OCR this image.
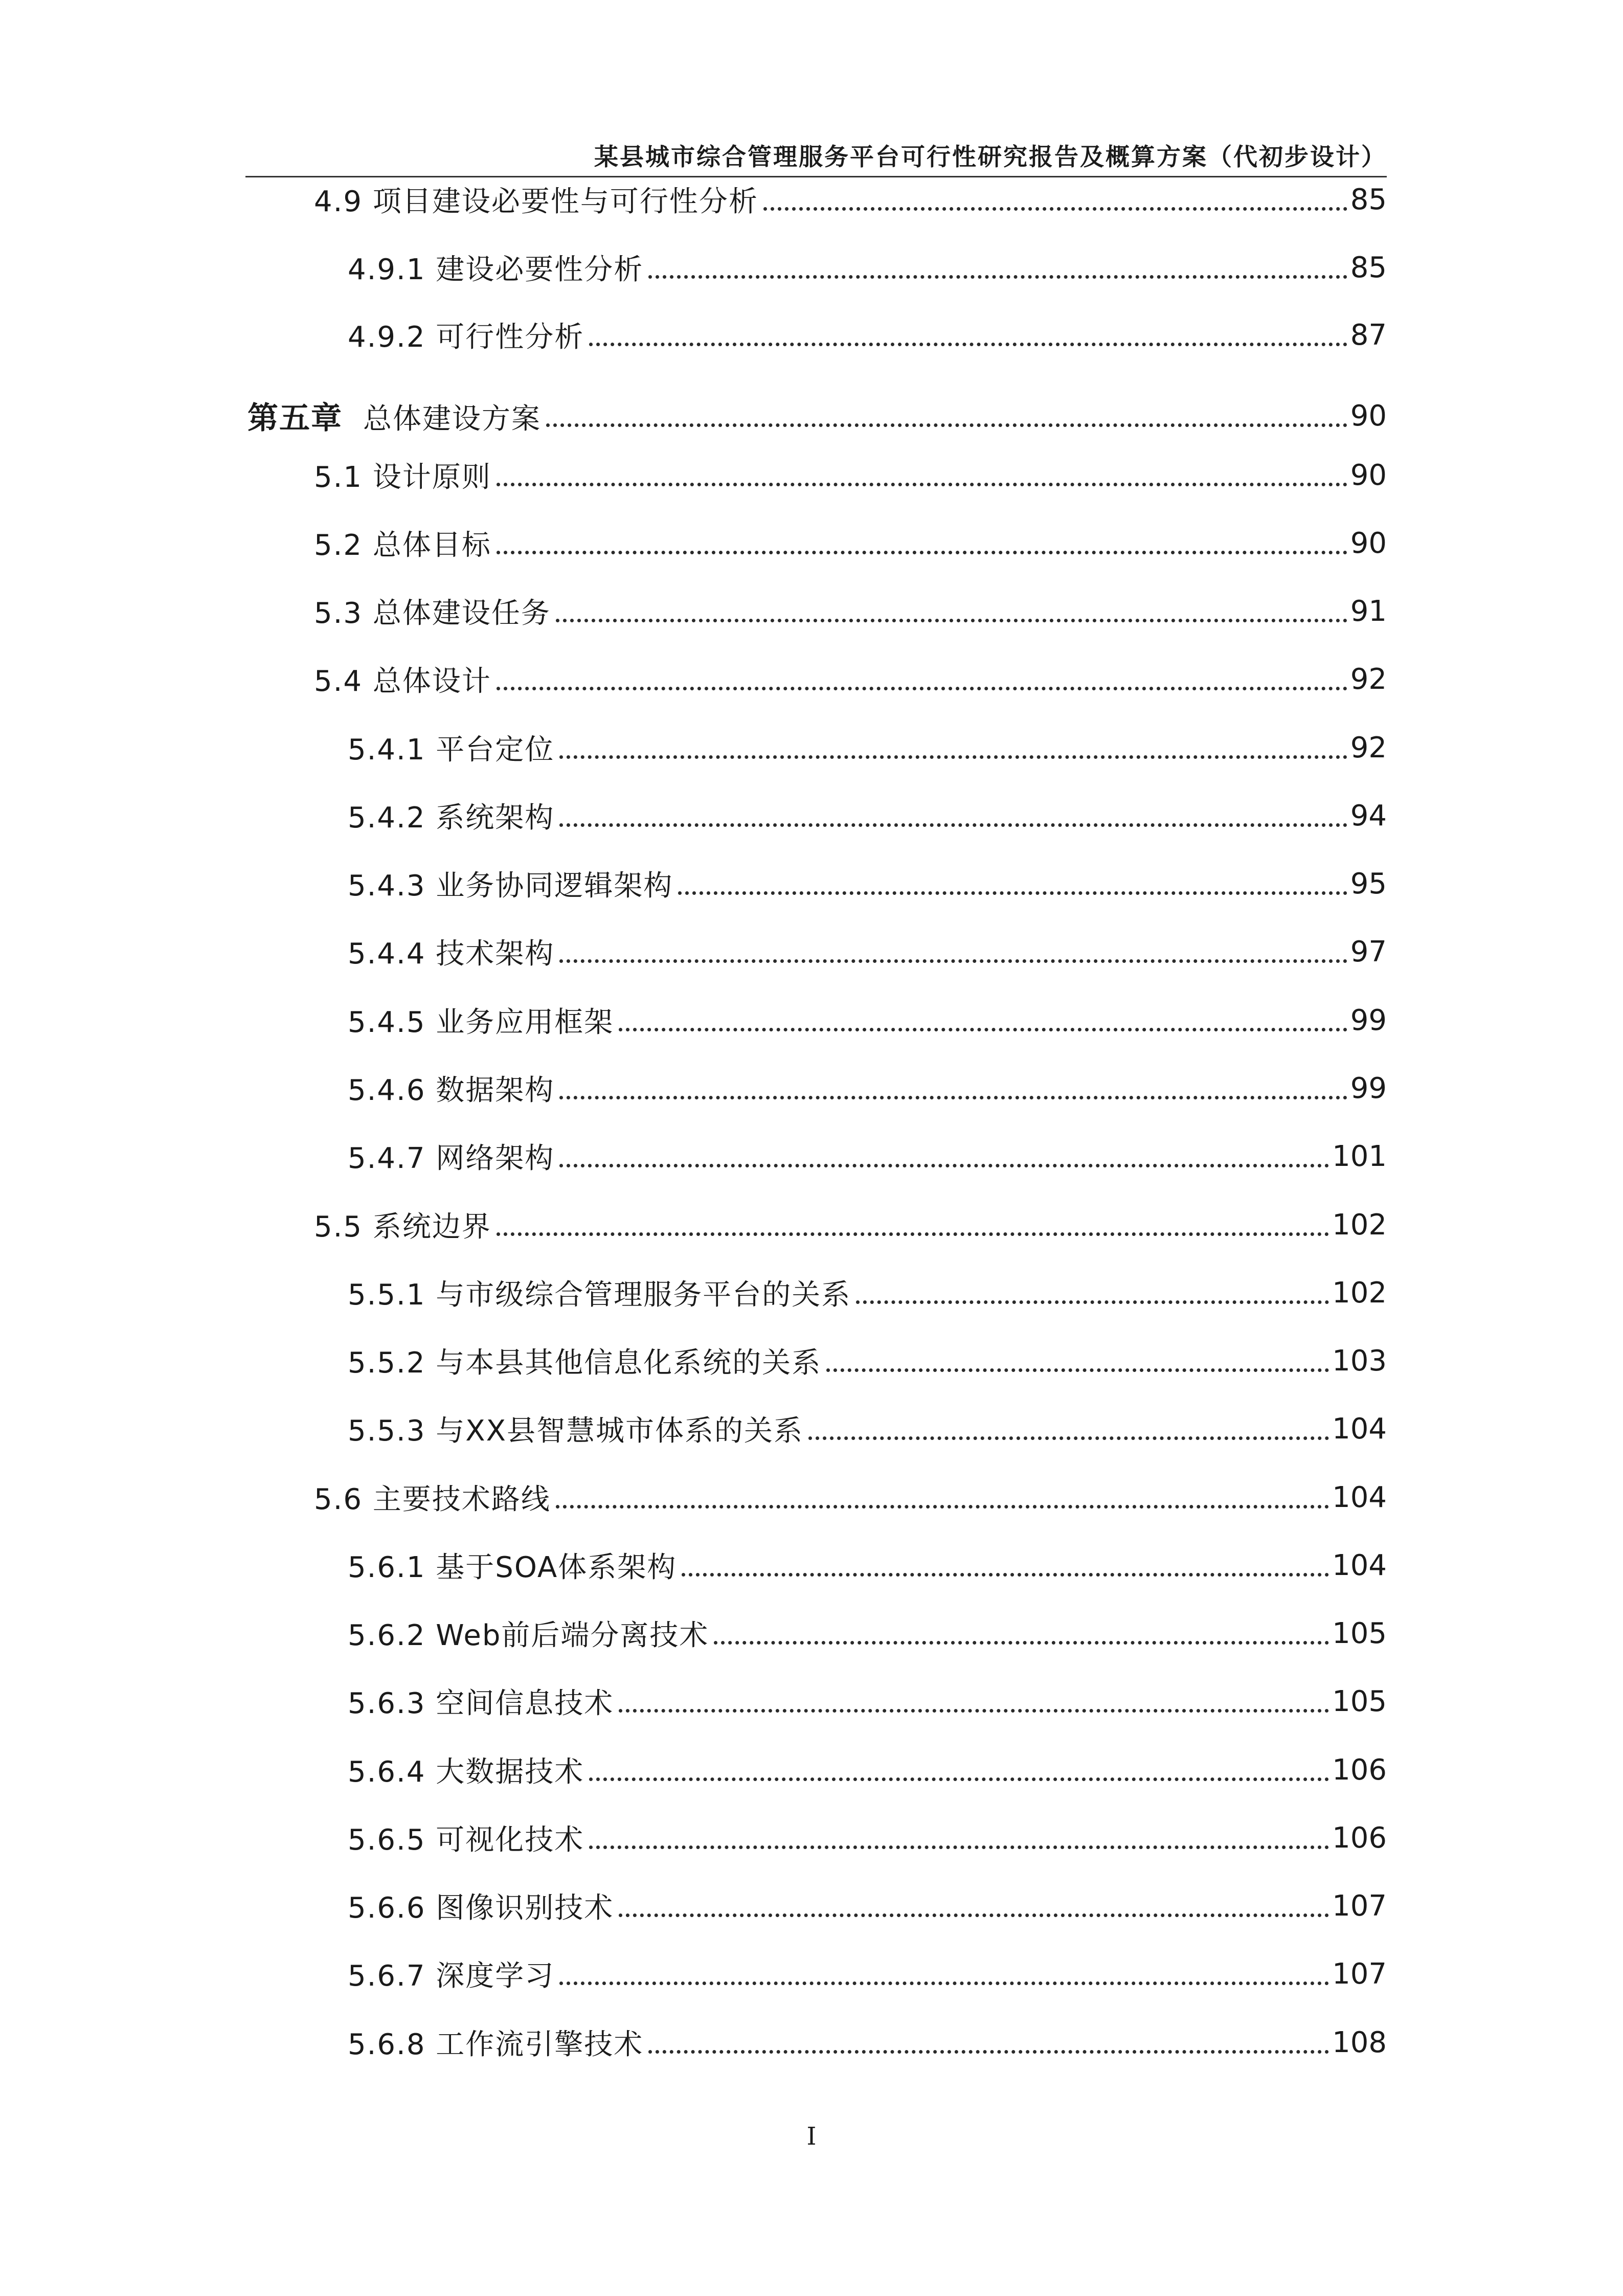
某县城市综合管理服务平台可行性研究报告及概算方案（代初步设计）
4.9 项目建设必要性与可行性分析	85
4.9.1 建设必要性分析	85
4.9.2 可行性分析	87
第五章 总体建设方案	90
5.1 设计原则	90
5.2 总体目标	90
5.3 总体建设任务	91
5.4 总体设计	92
5.4.1 平台定位	92
5.4.2 系统架构	94
5.4.3 业务协同逻辑架构	95
5.4.4 技术架构	97
5.4.5 业务应用框架	99
5.4.6 数据架构	99
5.4.7 网络架构	101
5.5 系统边界	102
5.5.1 与市级综合管理服务平台的关系	102
5.5.2 与本县其他信息化系统的关系	103
5.5.3 与XX县智慧城市体系的关系	104
5.6 主要技术路线	104
5.6.1 基于SOA体系架构	104
5.6.2 Web前后端分离技术	105
5.6.3 空间信息技术	105
5.6.4 大数据技术	106
5.6.5 可视化技术	106
5.6.6 图像识别技术	107
5.6.7 深度学习	107
5.6.8 工作流引擎技术	108
I
